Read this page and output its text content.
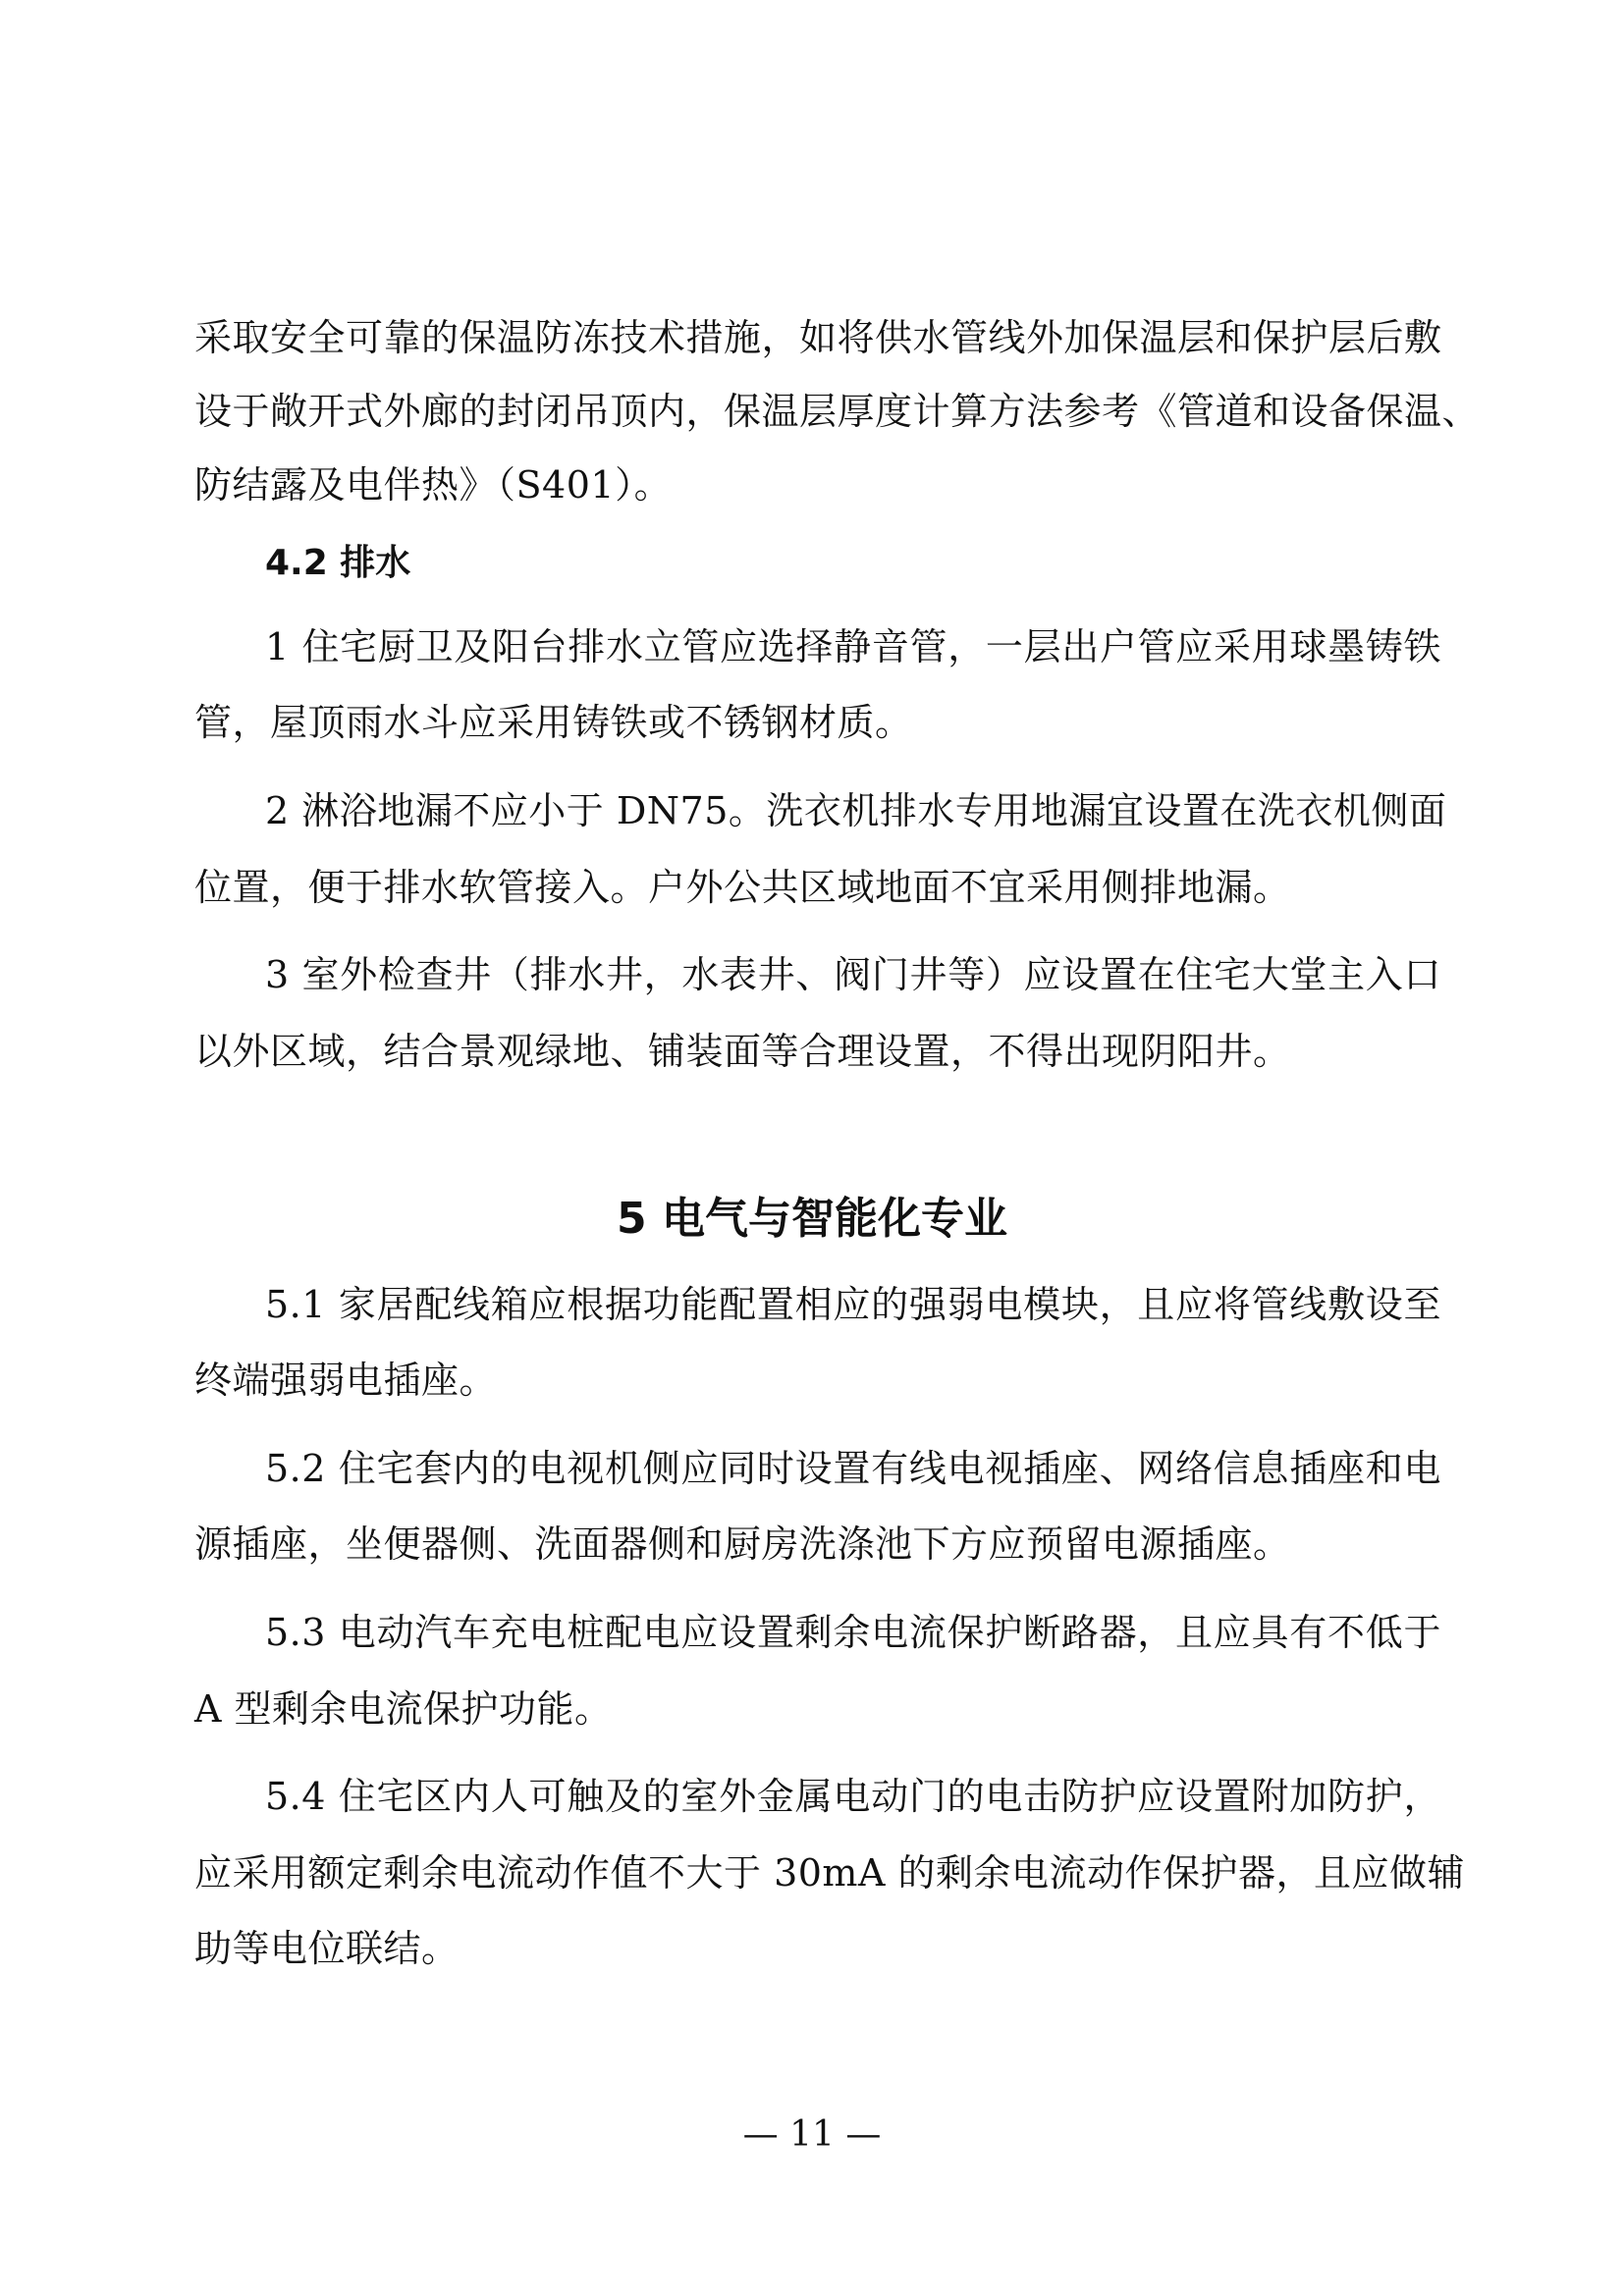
采取安全可靠的保温防冻技术措施，如将供水管线外加保温层和保护层后敷
设于敞开式外廊的封闭吊顶内，保温层厚度计算方法参考《管道和设备保温、
防结露及电伴热》（S401）。
4.2 排水
1 住宅厨卫及阳台排水立管应选择静音管，一层出户管应采用球墨铸铁
管，屋顶雨水斗应采用铸铁或不锈钢材质。
2 淋浴地漏不应小于 DN75。洗衣机排水专用地漏宜设置在洗衣机侧面
位置，便于排水软管接入。户外公共区域地面不宜采用侧排地漏。
3 室外检查井（排水井，水表井、阀门井等）应设置在住宅大堂主入口
以外区域，结合景观绿地、铺装面等合理设置，不得出现阴阳井。
5 电气与智能化专业
5.1 家居配线箱应根据功能配置相应的强弱电模块，且应将管线敷设至
终端强弱电插座。
5.2 住宅套内的电视机侧应同时设置有线电视插座、网络信息插座和电
源插座，坐便器侧、洗面器侧和厨房洗涤池下方应预留电源插座。
5.3 电动汽车充电桩配电应设置剩余电流保护断路器，且应具有不低于
A 型剩余电流保护功能。
5.4 住宅区内人可触及的室外金属电动门的电击防护应设置附加防护，
应采用额定剩余电流动作值不大于 30mA 的剩余电流动作保护器，且应做辅
助等电位联结。
— 11 —
